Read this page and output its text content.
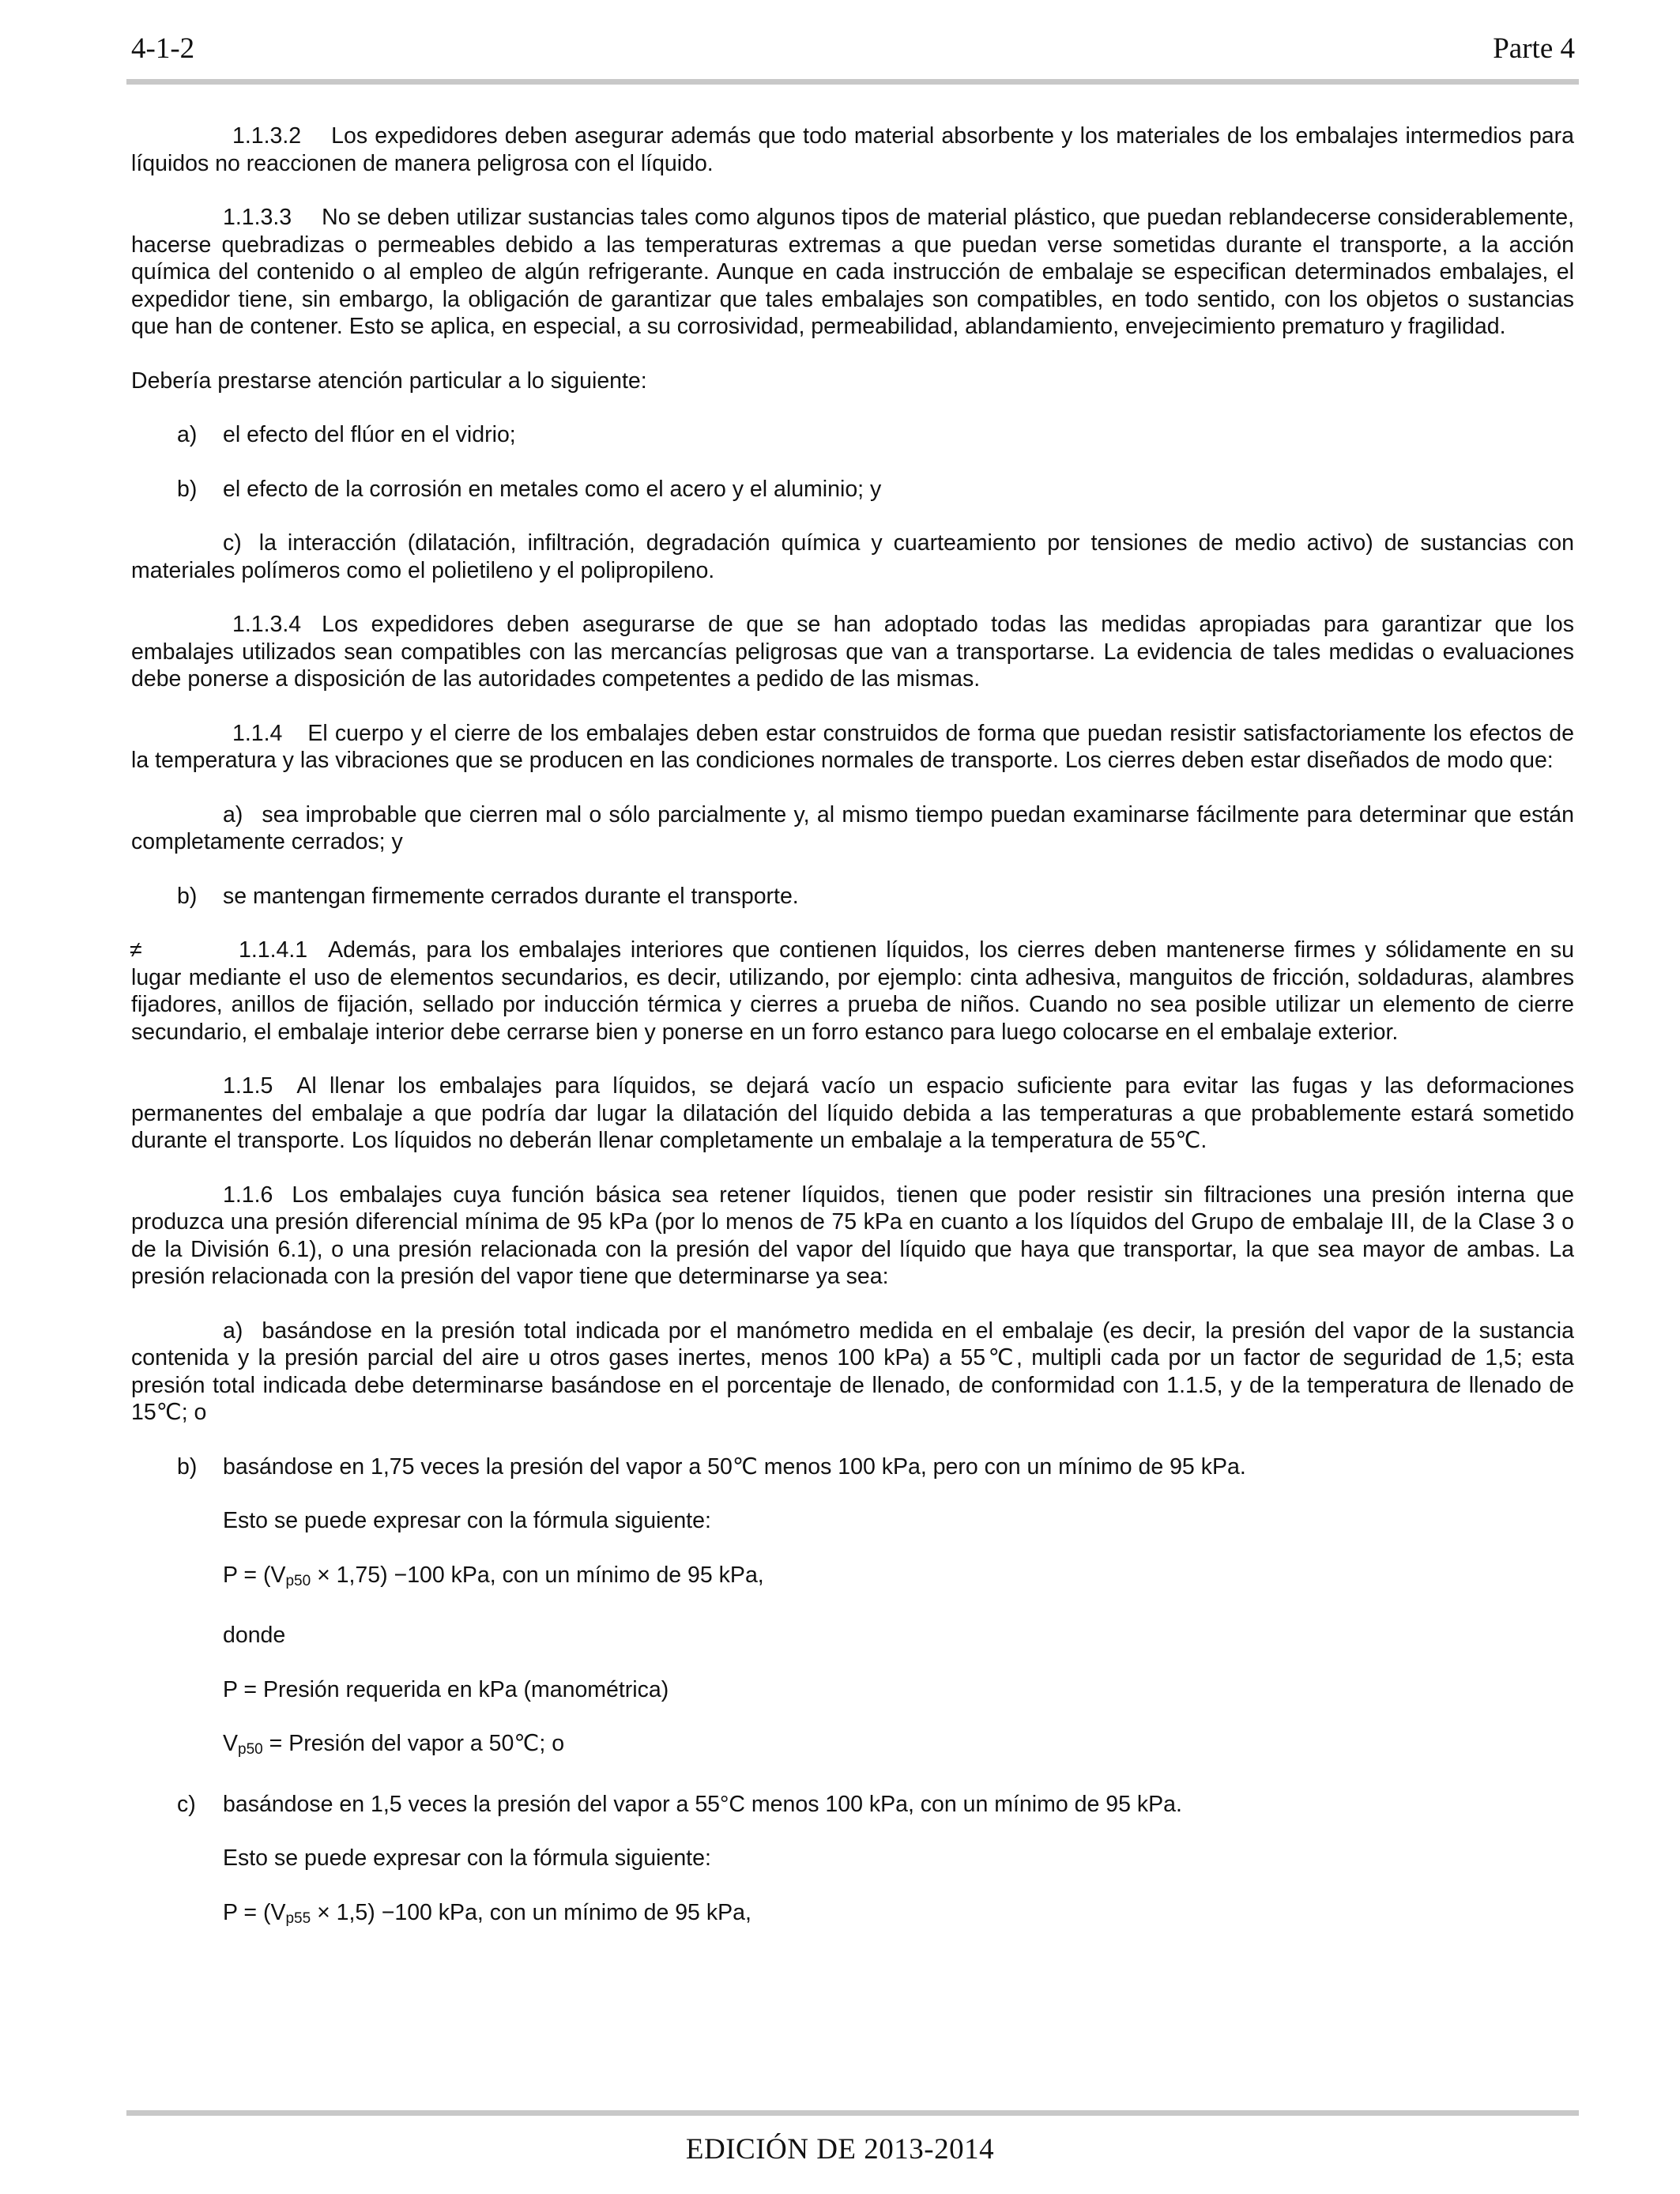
4-1-2	Parte 4

1.1.3.2 Los expedidores deben asegurar además que todo material absorbente y los materiales de los embalajes intermedios para líquidos no reaccionen de manera peligrosa con el líquido.

1.1.3.3 No se deben utilizar sustancias tales como algunos tipos de material plástico, que puedan reblandecerse considerablemente, hacerse quebradizas o permeables debido a las temperaturas extremas a que puedan verse sometidas durante el transporte, a la acción química del contenido o al empleo de algún refrigerante. Aunque en cada instrucción de embalaje se especifican determinados embalajes, el expedidor tiene, sin embargo, la obligación de garantizar que tales embalajes son compatibles, en todo sentido, con los objetos o sustancias que han de contener. Esto se aplica, en especial, a su corrosividad, permeabilidad, ablandamiento, envejecimiento prematuro y fragilidad.

Debería prestarse atención particular a lo siguiente:

a) el efecto del flúor en el vidrio;

b) el efecto de la corrosión en metales como el acero y el aluminio; y

c) la interacción (dilatación, infiltración, degradación química y cuarteamiento por tensiones de medio activo) de sustancias con materiales polímeros como el polietileno y el polipropileno.

1.1.3.4 Los expedidores deben asegurarse de que se han adoptado todas las medidas apropiadas para garantizar que los embalajes utilizados sean compatibles con las mercancías peligrosas que van a transportarse. La evidencia de tales medidas o evaluaciones debe ponerse a disposición de las autoridades competentes a pedido de las mismas.

1.1.4 El cuerpo y el cierre de los embalajes deben estar construidos de forma que puedan resistir satisfactoriamente los efectos de la temperatura y las vibraciones que se producen en las condiciones normales de transporte. Los cierres deben estar diseñados de modo que:

a) sea improbable que cierren mal o sólo parcialmente y, al mismo tiempo puedan examinarse fácilmente para determinar que están completamente cerrados; y

b) se mantengan firmemente cerrados durante el transporte.

≠	1.1.4.1 Además, para los embalajes interiores que contienen líquidos, los cierres deben mantenerse firmes y sólidamente en su lugar mediante el uso de elementos secundarios, es decir, utilizando, por ejemplo: cinta adhesiva, manguitos de fricción, soldaduras, alambres fijadores, anillos de fijación, sellado por inducción térmica y cierres a prueba de niños. Cuando no sea posible utilizar un elemento de cierre secundario, el embalaje interior debe cerrarse bien y ponerse en un forro estanco para luego colocarse en el embalaje exterior.

1.1.5 Al llenar los embalajes para líquidos, se dejará vacío un espacio suficiente para evitar las fugas y las deformaciones permanentes del embalaje a que podría dar lugar la dilatación del líquido debida a las temperaturas a que probablemente estará sometido durante el transporte. Los líquidos no deberán llenar completamente un embalaje a la temperatura de 55℃.

1.1.6 Los embalajes cuya función básica sea retener líquidos, tienen que poder resistir sin filtraciones una presión interna que produzca una presión diferencial mínima de 95 kPa (por lo menos de 75 kPa en cuanto a los líquidos del Grupo de embalaje III, de la Clase 3 o de la División 6.1), o una presión relacionada con la presión del vapor del líquido que haya que transportar, la que sea mayor de ambas. La presión relacionada con la presión del vapor tiene que determinarse ya sea:

a) basándose en la presión total indicada por el manómetro medida en el embalaje (es decir, la presión del vapor de la sustancia contenida y la presión parcial del aire u otros gases inertes, menos 100 kPa) a 55℃, multipli cada por un factor de seguridad de 1,5; esta presión total indicada debe determinarse basándose en el porcentaje de llenado, de conformidad con 1.1.5, y de la temperatura de llenado de 15℃; o

b) basándose en 1,75 veces la presión del vapor a 50℃ menos 100 kPa, pero con un mínimo de 95 kPa.

Esto se puede expresar con la fórmula siguiente:

$P = (V_{p50} \times 1,75) -100$ kPa, con un mínimo de 95 kPa,

donde

P = Presión requerida en kPa (manométrica)

$V_{p50}$ = Presión del vapor a 50℃; o

c) basándose en 1,5 veces la presión del vapor a 55°C menos 100 kPa, con un mínimo de 95 kPa.

Esto se puede expresar con la fórmula siguiente:

$P = (V_{p55} \times 1,5) -100$ kPa, con un mínimo de 95 kPa,

EDICIÓN DE 2013-2014
